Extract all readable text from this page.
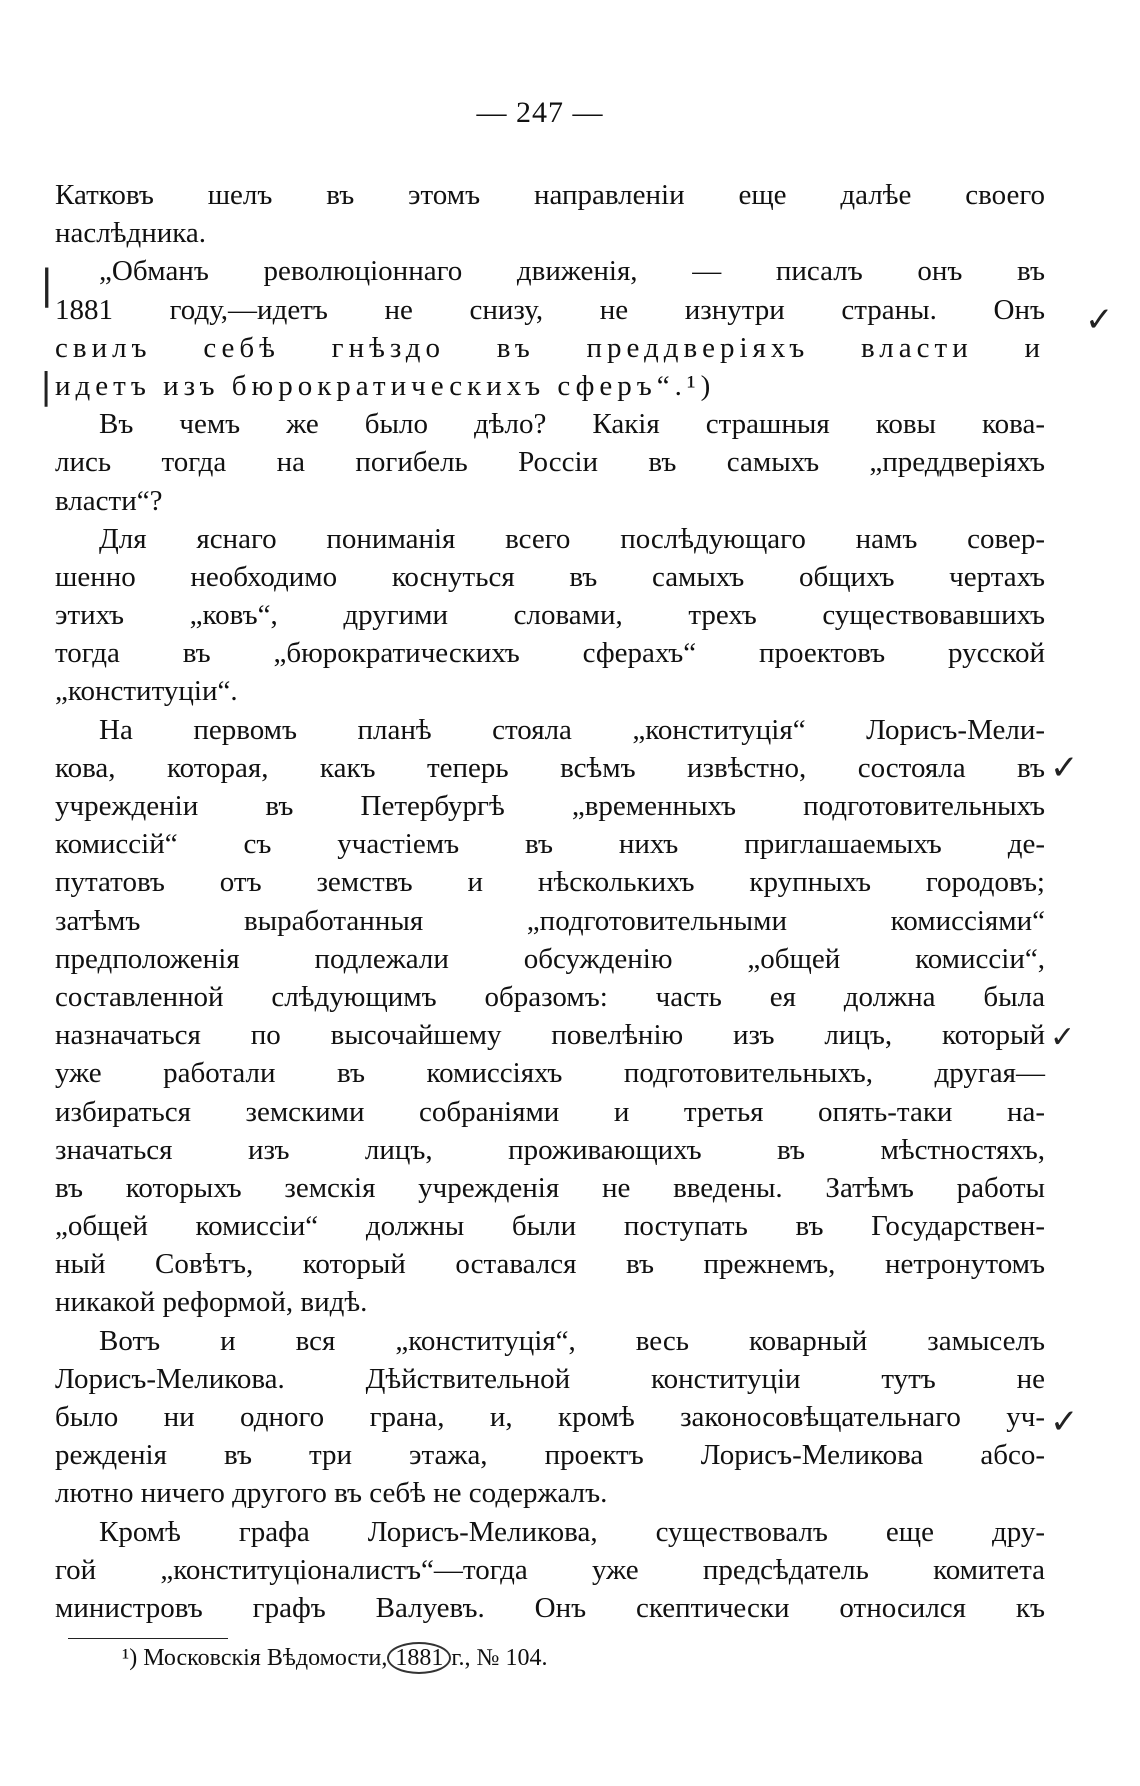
— 247 —
Катковъ шелъ въ этомъ направленіи еще далѣе своего
наслѣдника.
„Обманъ революціоннаго движенія, — писалъ онъ въ
1881 году,—идетъ не снизу, не изнутри страны. Онъ
свилъ себѣ гнѣздо въ преддверіяхъ власти и
идетъ изъ бюрократическихъ сферъ“.¹)
Въ чемъ же было дѣло? Какія страшныя ковы кова-
лись тогда на погибель Россіи въ самыхъ „преддверіяхъ
власти“?
Для яснаго пониманія всего послѣдующаго намъ совер-
шенно необходимо коснуться въ самыхъ общихъ чертахъ
этихъ „ковъ“, другими словами, трехъ существовавшихъ
тогда въ „бюрократическихъ сферахъ“ проектовъ русской
„конституціи“.
На первомъ планѣ стояла „конституція“ Лорисъ-Мели-
кова, которая, какъ теперь всѣмъ извѣстно, состояла въ
учрежденіи въ Петербургѣ „временныхъ подготовительныхъ
комиссій“ съ участіемъ въ нихъ приглашаемыхъ де-
путатовъ отъ земствъ и нѣсколькихъ крупныхъ городовъ;
затѣмъ выработанныя „подготовительными комиссіями“
предположенія подлежали обсужденію „общей комиссіи“,
составленной слѣдующимъ образомъ: часть ея должна была
назначаться по высочайшему повелѣнію изъ лицъ, который
уже работали въ комиссіяхъ подготовительныхъ, другая—
избираться земскими собраніями и третья опять-таки на-
значаться изъ лицъ, проживающихъ въ мѣстностяхъ,
въ которыхъ земскія учрежденія не введены. Затѣмъ работы
„общей комиссіи“ должны были поступать въ Государствен-
ный Совѣтъ, который оставался въ прежнемъ, нетронутомъ
никакой реформой, видѣ.
Вотъ и вся „конституція“, весь коварный замыселъ
Лорисъ-Меликова. Дѣйствительной конституціи тутъ не
было ни одного грана, и, кромѣ законосовѣщательнаго уч-
режденія въ три этажа, проектъ Лорисъ-Меликова абсо-
лютно ничего другого въ себѣ не содержалъ.
Кромѣ графа Лорисъ-Меликова, существовалъ еще дру-
гой „конституціоналистъ“—тогда уже предсѣдатель комитета
министровъ графъ Валуевъ. Онъ скептически относился къ
|
|
✓
✓
✓
✓
¹) Московскія Вѣдомости, 1881 г., № 104.
